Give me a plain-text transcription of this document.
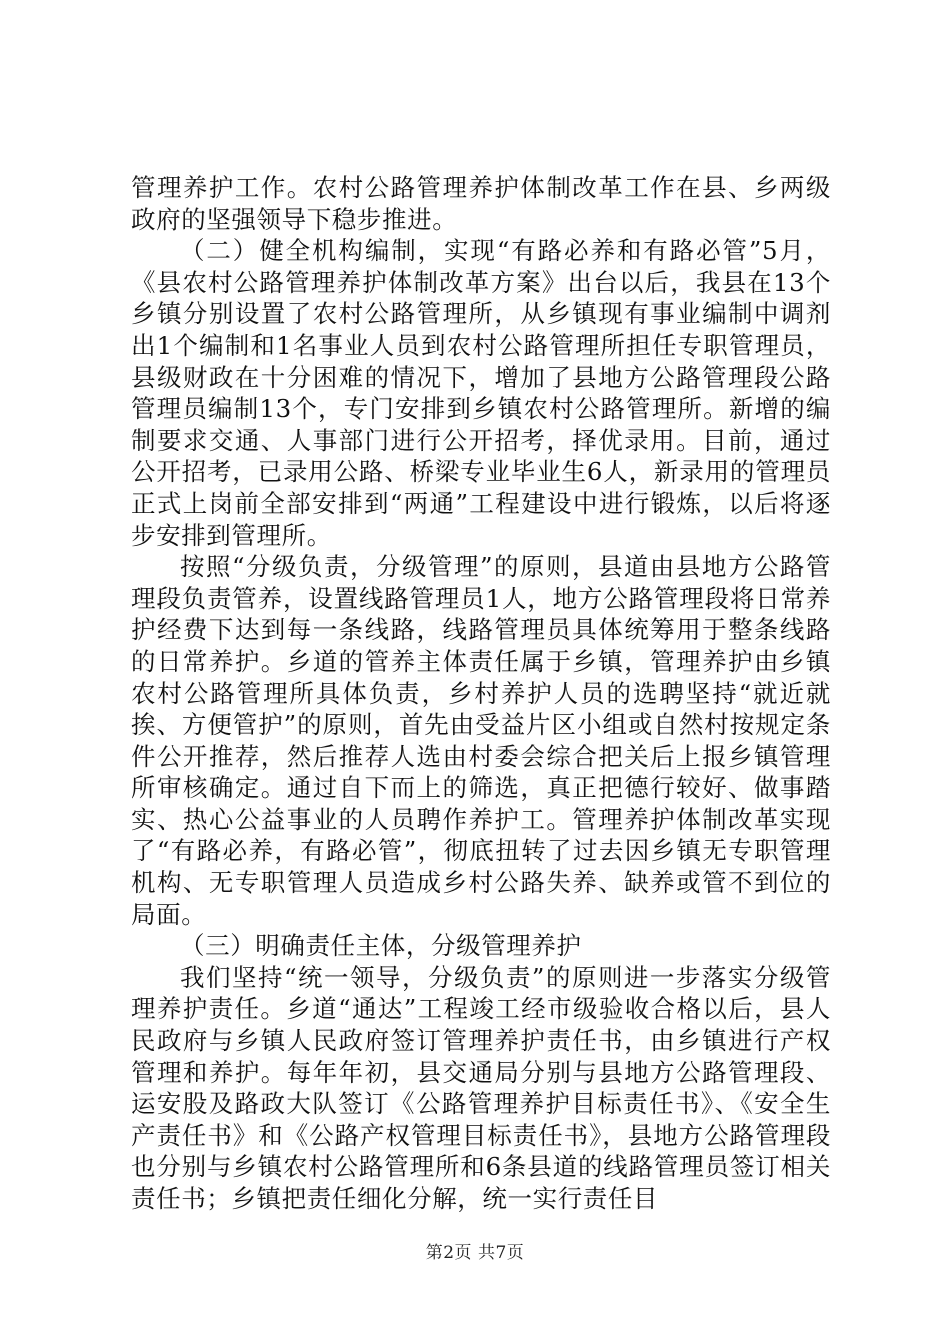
管理养护工作。农村公路管理养护体制改革工作在县、乡两级政府的坚强领导下稳步推进。

（二）健全机构编制，实现“有路必养和有路必管”5月，《县农村公路管理养护体制改革方案》出台以后，我县在13个乡镇分别设置了农村公路管理所，从乡镇现有事业编制中调剂出1个编制和1名事业人员到农村公路管理所担任专职管理员，县级财政在十分困难的情况下，增加了县地方公路管理段公路管理员编制13个，专门安排到乡镇农村公路管理所。新增的编制要求交通、人事部门进行公开招考，择优录用。目前，通过公开招考，已录用公路、桥梁专业毕业生6人，新录用的管理员正式上岗前全部安排到“两通”工程建设中进行锻炼，以后将逐步安排到管理所。

按照“分级负责，分级管理”的原则，县道由县地方公路管理段负责管养，设置线路管理员1人，地方公路管理段将日常养护经费下达到每一条线路，线路管理员具体统筹用于整条线路的日常养护。乡道的管养主体责任属于乡镇，管理养护由乡镇农村公路管理所具体负责，乡村养护人员的选聘坚持“就近就挨、方便管护”的原则，首先由受益片区小组或自然村按规定条件公开推荐，然后推荐人选由村委会综合把关后上报乡镇管理所审核确定。通过自下而上的筛选，真正把德行较好、做事踏实、热心公益事业的人员聘作养护工。管理养护体制改革实现了“有路必养，有路必管”，彻底扭转了过去因乡镇无专职管理机构、无专职管理人员造成乡村公路失养、缺养或管不到位的局面。

（三）明确责任主体，分级管理养护

我们坚持“统一领导，分级负责”的原则进一步落实分级管理养护责任。乡道“通达”工程竣工经市级验收合格以后，县人民政府与乡镇人民政府签订管理养护责任书，由乡镇进行产权管理和养护。每年年初，县交通局分别与县地方公路管理段、运安股及路政大队签订《公路管理养护目标责任书》、《安全生产责任书》和《公路产权管理目标责任书》，县地方公路管理段也分别与乡镇农村公路管理所和6条县道的线路管理员签订相关责任书；乡镇把责任细化分解，统一实行责任目

第2页 共7页
